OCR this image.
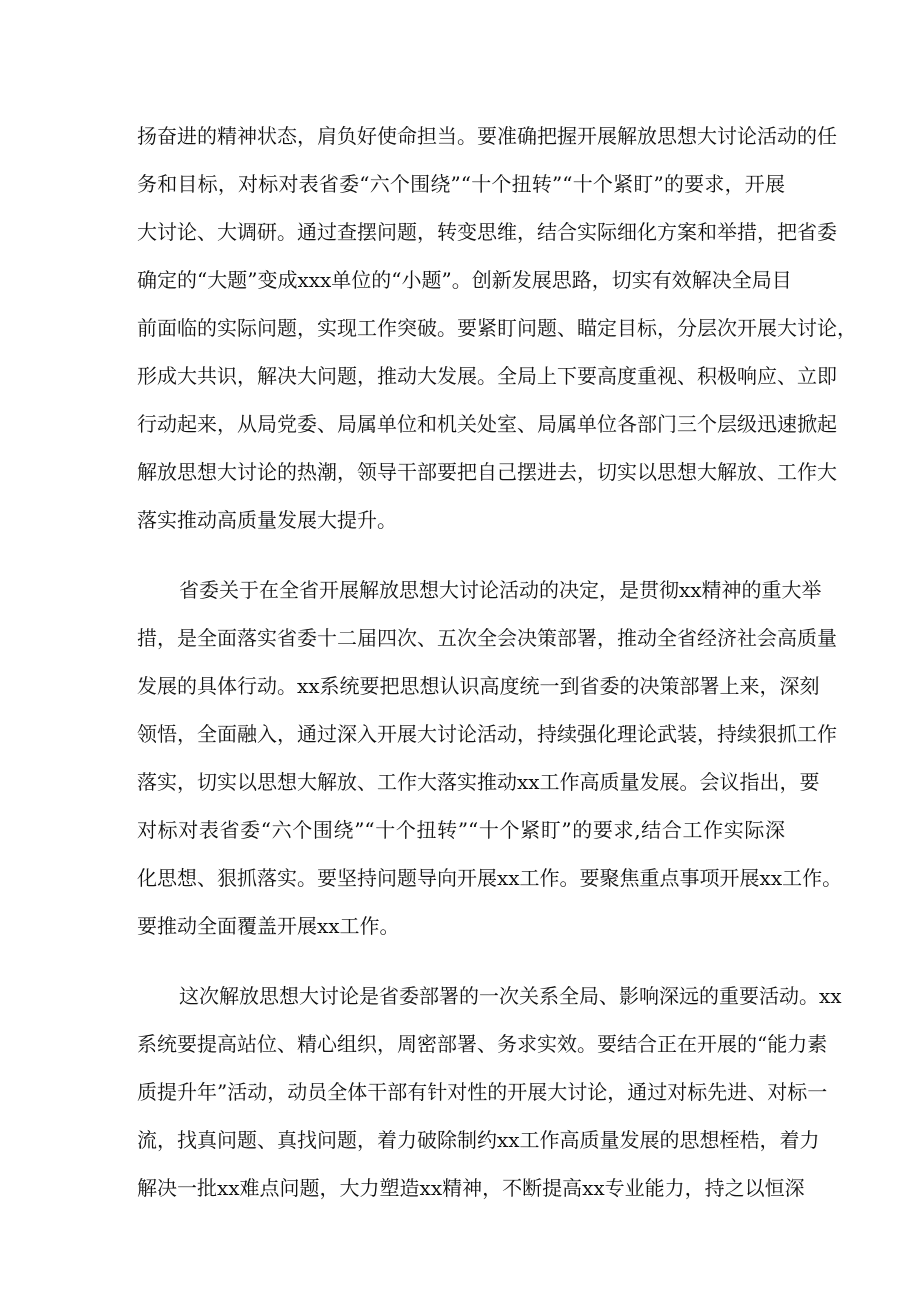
扬奋进的精神状态，肩负好使命担当。要准确把握开展解放思想大讨论活动的任
务和目标，对标对表省委“六个围绕”“十个扭转”“十个紧盯”的要求，开展
大讨论、大调研。通过查摆问题，转变思维，结合实际细化方案和举措，把省委
确定的“大题”变成xxx单位的“小题”。创新发展思路，切实有效解决全局目
前面临的实际问题，实现工作突破。要紧盯问题、瞄定目标，分层次开展大讨论，
形成大共识，解决大问题，推动大发展。全局上下要高度重视、积极响应、立即
行动起来，从局党委、局属单位和机关处室、局属单位各部门三个层级迅速掀起
解放思想大讨论的热潮，领导干部要把自己摆进去，切实以思想大解放、工作大
落实推动高质量发展大提升。
省委关于在全省开展解放思想大讨论活动的决定，是贯彻xx精神的重大举
措，是全面落实省委十二届四次、五次全会决策部署，推动全省经济社会高质量
发展的具体行动。xx系统要把思想认识高度统一到省委的决策部署上来，深刻
领悟，全面融入，通过深入开展大讨论活动，持续强化理论武装，持续狠抓工作
落实，切实以思想大解放、工作大落实推动xx工作高质量发展。会议指出，要
对标对表省委“六个围绕”“十个扭转”“十个紧盯”的要求,结合工作实际深
化思想、狠抓落实。要坚持问题导向开展xx工作。要聚焦重点事项开展xx工作。
要推动全面覆盖开展xx工作。
这次解放思想大讨论是省委部署的一次关系全局、影响深远的重要活动。xx
系统要提高站位、精心组织，周密部署、务求实效。要结合正在开展的“能力素
质提升年”活动，动员全体干部有针对性的开展大讨论，通过对标先进、对标一
流，找真问题、真找问题，着力破除制约xx工作高质量发展的思想桎梏，着力
解决一批xx难点问题，大力塑造xx精神，不断提高xx专业能力，持之以恒深
